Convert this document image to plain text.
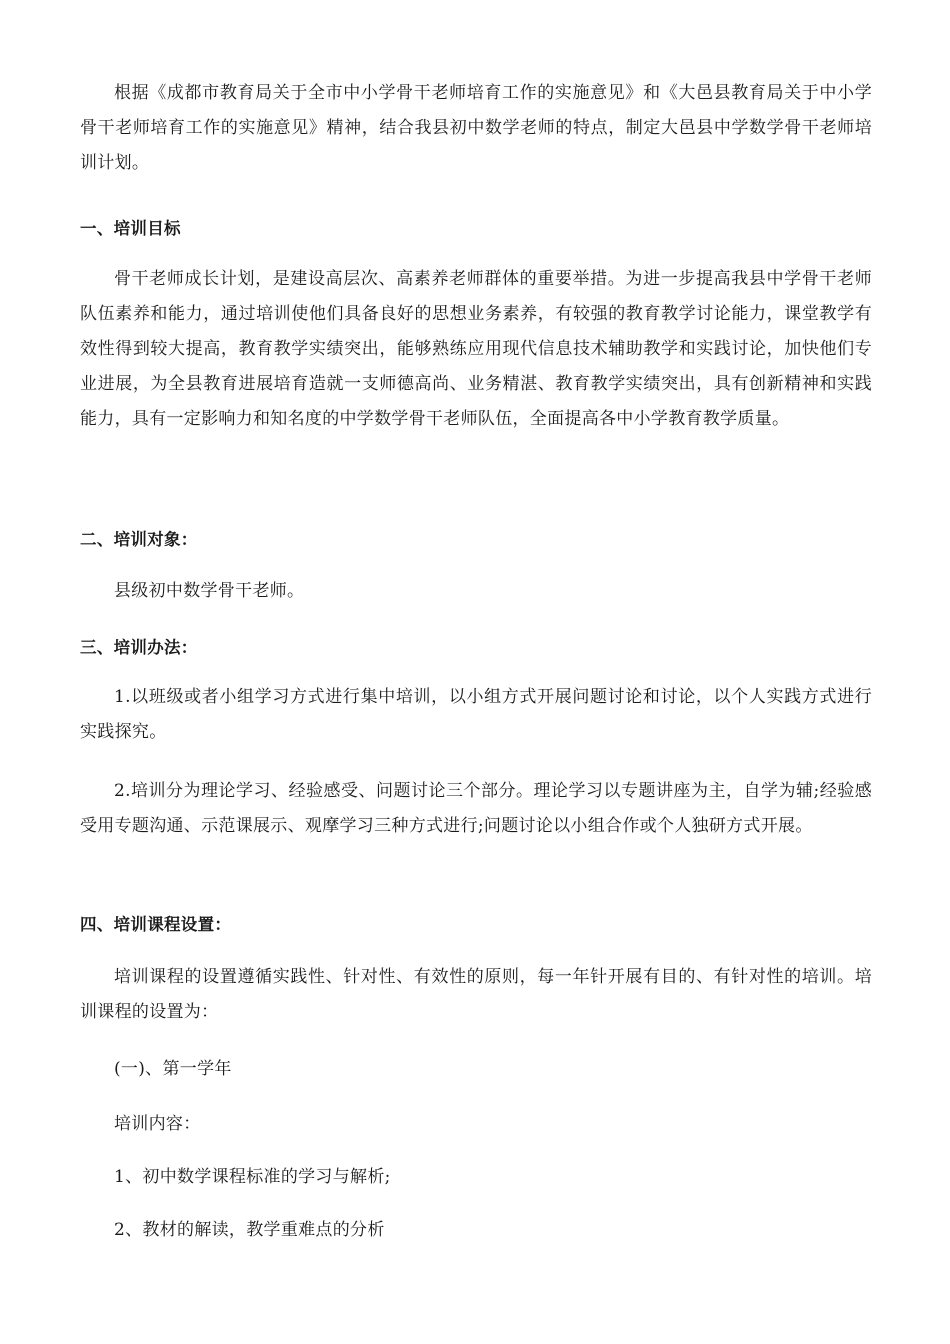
根据《成都市教育局关于全市中小学骨干老师培育工作的实施意见》和《大邑县教育局关于中小学骨干老师培育工作的实施意见》精神，结合我县初中数学老师的特点，制定大邑县中学数学骨干老师培训计划。

一、培训目标

骨干老师成长计划，是建设高层次、高素养老师群体的重要举措。为进一步提高我县中学骨干老师队伍素养和能力，通过培训使他们具备良好的思想业务素养，有较强的教育教学讨论能力，课堂教学有效性得到较大提高，教育教学实绩突出，能够熟练应用现代信息技术辅助教学和实践讨论，加快他们专业进展，为全县教育进展培育造就一支师德高尚、业务精湛、教育教学实绩突出，具有创新精神和实践能力，具有一定影响力和知名度的中学数学骨干老师队伍，全面提高各中小学教育教学质量。

二、培训对象：

县级初中数学骨干老师。

三、培训办法：

1.以班级或者小组学习方式进行集中培训，以小组方式开展问题讨论和讨论，以个人实践方式进行实践探究。

2.培训分为理论学习、经验感受、问题讨论三个部分。理论学习以专题讲座为主，自学为辅;经验感受用专题沟通、示范课展示、观摩学习三种方式进行;问题讨论以小组合作或个人独研方式开展。

四、培训课程设置：

培训课程的设置遵循实践性、针对性、有效性的原则，每一年针开展有目的、有针对性的培训。培训课程的设置为：

(一)、第一学年

培训内容：

1、初中数学课程标准的学习与解析;

2、教材的解读，教学重难点的分析
